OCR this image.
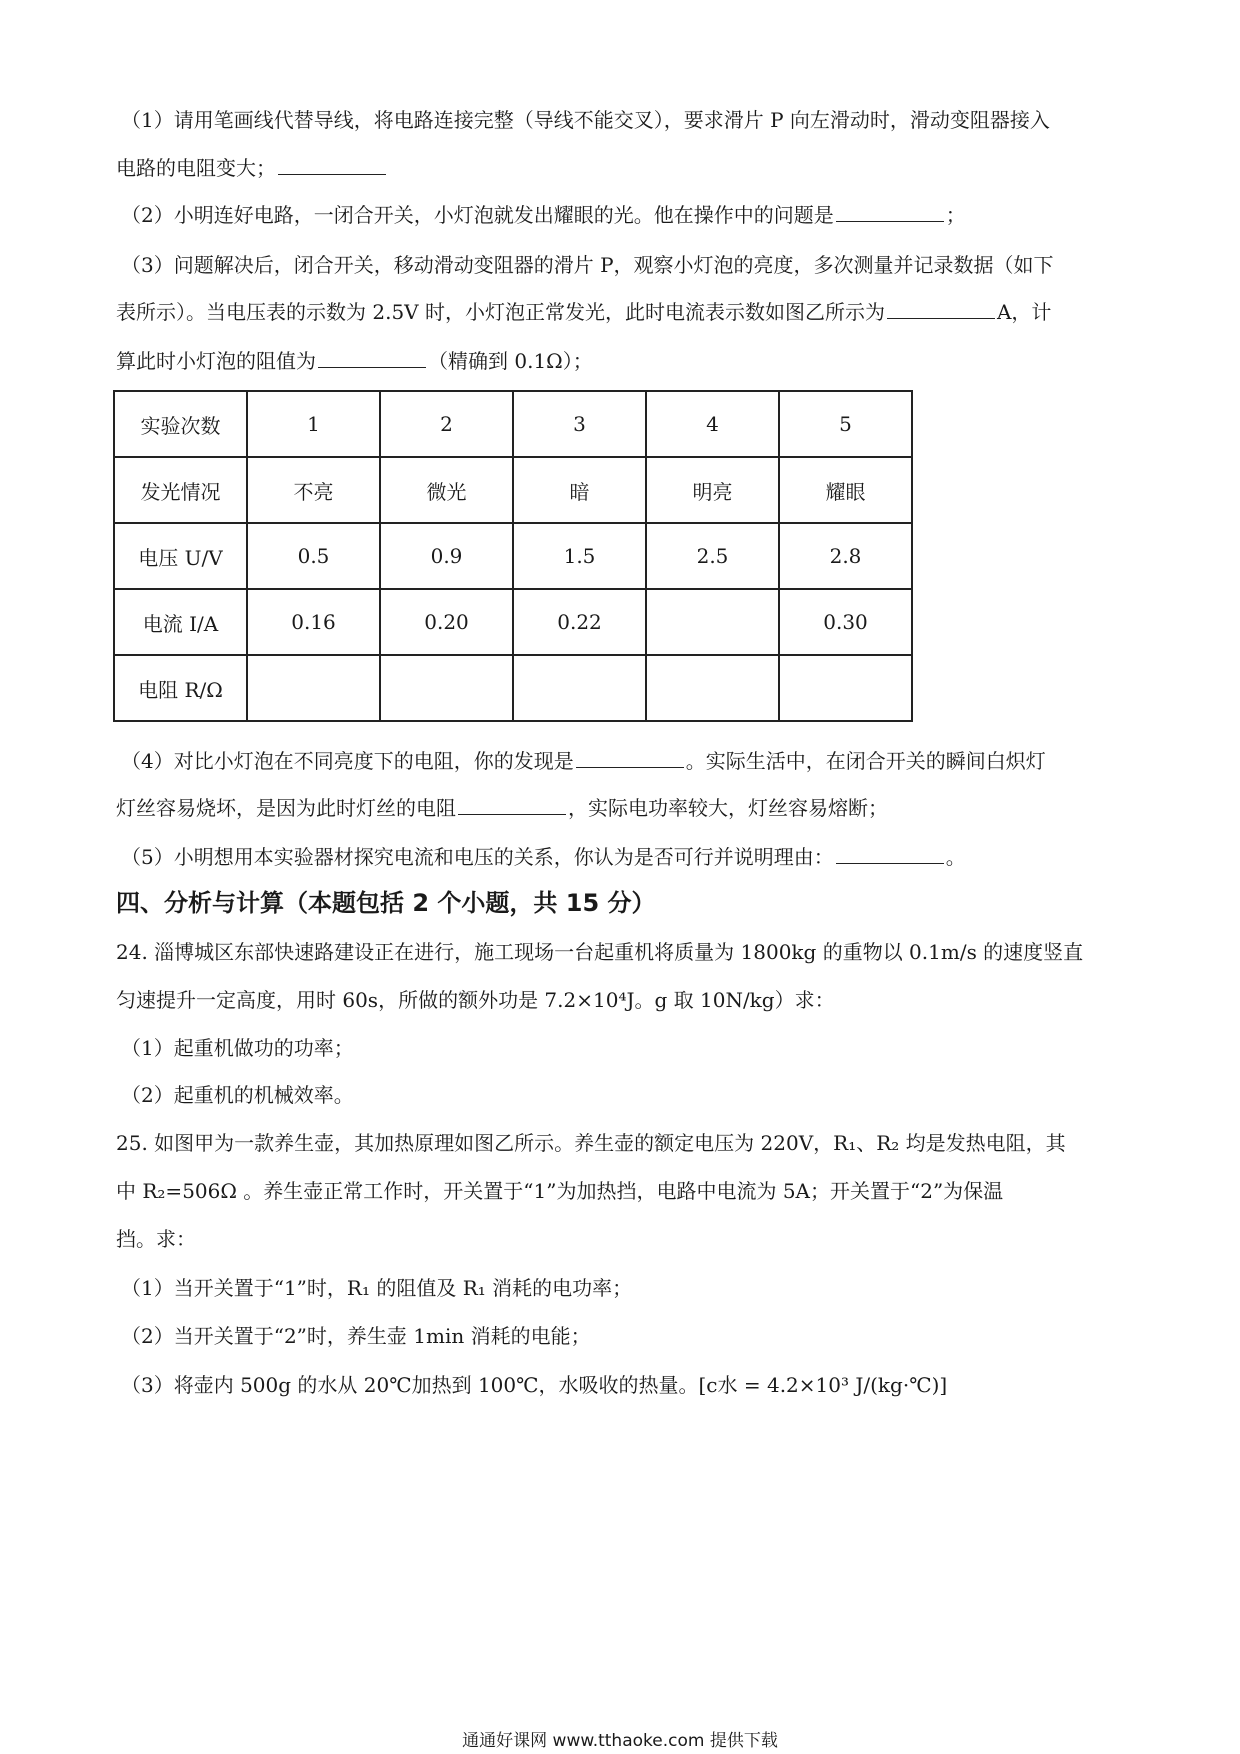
（1）请用笔画线代替导线，将电路连接完整（导线不能交叉），要求滑片 P 向左滑动时，滑动变阻器接入
电路的电阻变大；
（2）小明连好电路，一闭合开关，小灯泡就发出耀眼的光。他在操作中的问题是	；
（3）问题解决后，闭合开关，移动滑动变阻器的滑片 P，观察小灯泡的亮度，多次测量并记录数据（如下
表所示）。当电压表的示数为 2.5V 时，小灯泡正常发光，此时电流表示数如图乙所示为	A，计
算此时小灯泡的阻值为	（精确到 0.1Ω）；
实验次数	1	2	3	4	5
发光情况	不亮	微光	暗	明亮	耀眼
电压 U/V	0.5	0.9	1.5	2.5	2.8
电流 I/A	0.16	0.20	0.22		0.30
电阻 R/Ω					
（4）对比小灯泡在不同亮度下的电阻，你的发现是	。实际生活中，在闭合开关的瞬间白炽灯
灯丝容易烧坏，是因为此时灯丝的电阻	，实际电功率较大，灯丝容易熔断；
（5）小明想用本实验器材探究电流和电压的关系，你认为是否可行并说明理由：	。
四、分析与计算（本题包括 2 个小题，共 15 分）
24. 淄博城区东部快速路建设正在进行，施工现场一台起重机将质量为 1800kg 的重物以 0.1m/s 的速度竖直
匀速提升一定高度，用时 60s，所做的额外功是 7.2×10⁴J。g 取 10N/kg）求：
（1）起重机做功的功率；
（2）起重机的机械效率。
25. 如图甲为一款养生壶，其加热原理如图乙所示。养生壶的额定电压为 220V，R₁、R₂ 均是发热电阻，其
中 R₂=506Ω 。养生壶正常工作时，开关置于“1”为加热挡，电路中电流为 5A；开关置于“2”为保温
挡。求：
（1）当开关置于“1”时，R₁ 的阻值及 R₁ 消耗的电功率；
（2）当开关置于“2”时，养生壶 1min 消耗的电能；
（3）将壶内 500g 的水从 20℃加热到 100℃，水吸收的热量。[c水 = 4.2×10³ J/(kg·℃)]
通通好课网 www.tthaoke.com 提供下载
